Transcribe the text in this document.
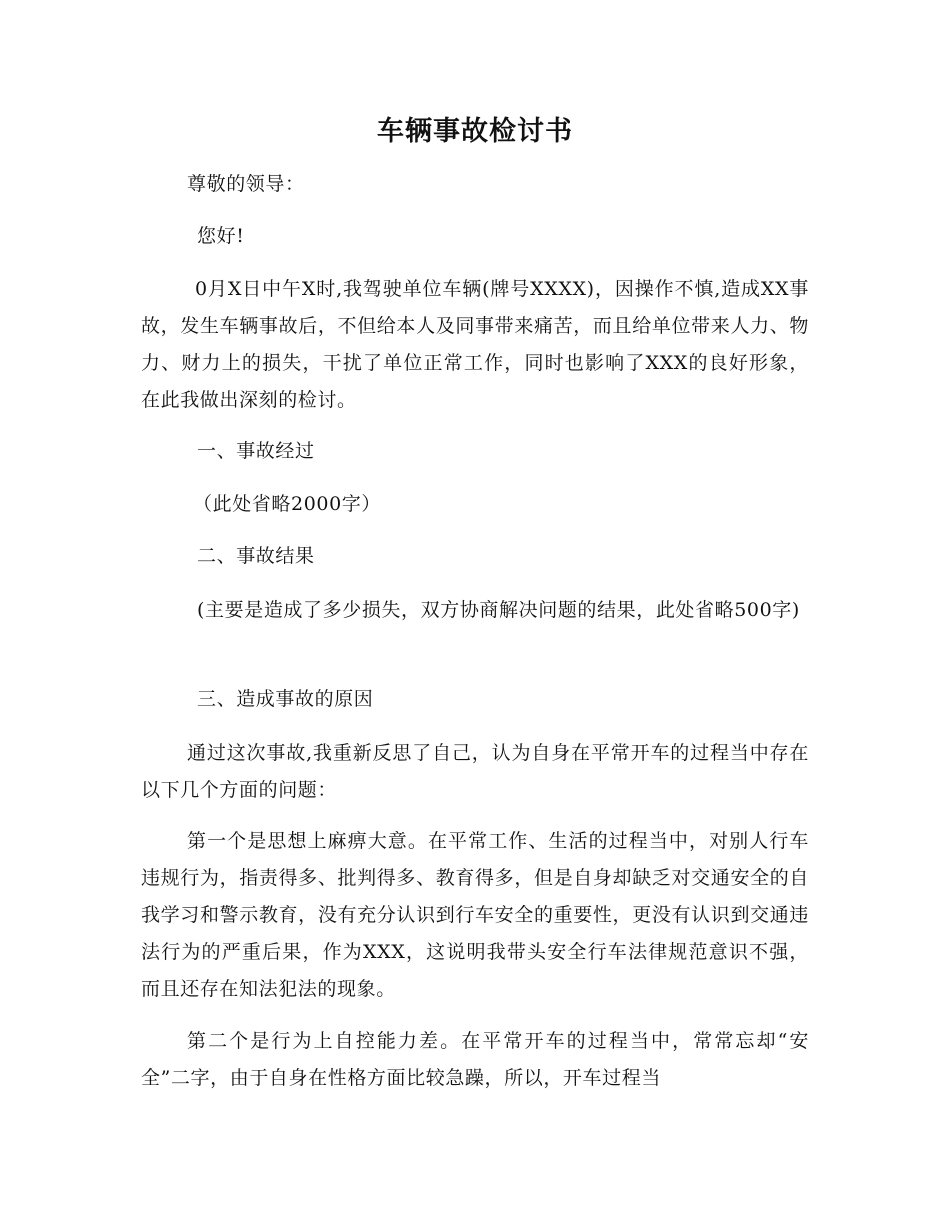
车辆事故检讨书
尊敬的领导：
您好!
0月X日中午X时,我驾驶单位车辆(牌号XXXX)，因操作不慎,造成XX事故，发生车辆事故后，不但给本人及同事带来痛苦，而且给单位带来人力、物力、财力上的损失，干扰了单位正常工作，同时也影响了XXX的良好形象，在此我做出深刻的检讨。
一、事故经过
（此处省略2000字）
二、事故结果
(主要是造成了多少损失，双方协商解决问题的结果，此处省略500字)
三、造成事故的原因
通过这次事故,我重新反思了自己，认为自身在平常开车的过程当中存在以下几个方面的问题：
第一个是思想上麻痹大意。在平常工作、生活的过程当中，对别人行车违规行为，指责得多、批判得多、教育得多，但是自身却缺乏对交通安全的自我学习和警示教育，没有充分认识到行车安全的重要性，更没有认识到交通违法行为的严重后果，作为XXX，这说明我带头安全行车法律规范意识不强，而且还存在知法犯法的现象。
第二个是行为上自控能力差。在平常开车的过程当中，常常忘却“安全”二字，由于自身在性格方面比较急躁，所以，开车过程当
